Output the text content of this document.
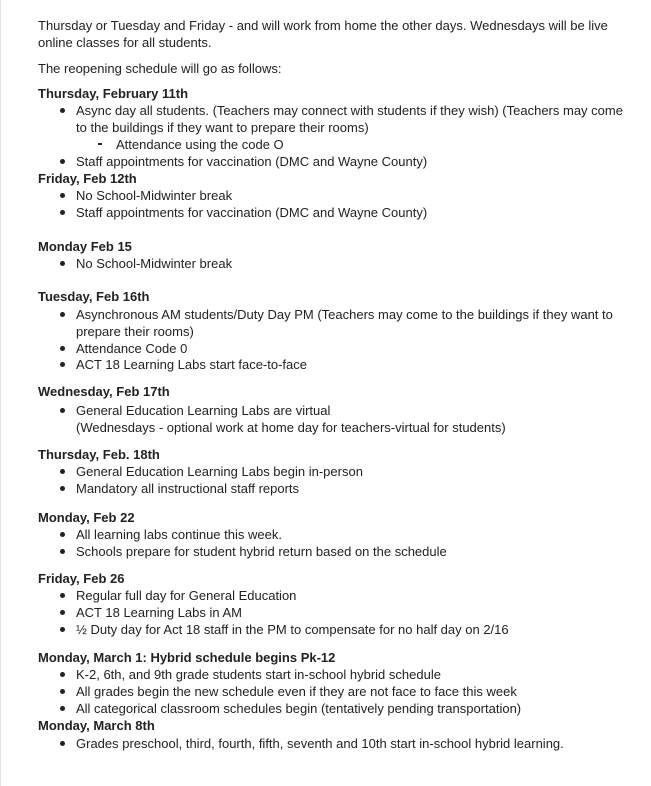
Thursday or Tuesday and Friday - and will work from home the other days. Wednesdays will be live online classes for all students.
The reopening schedule will go as follows:
Thursday, February 11th
Async day all students. (Teachers may connect with students if they wish) (Teachers may come to the buildings if they want to prepare their rooms)
Attendance using the code O
Staff appointments for vaccination (DMC and Wayne County)
Friday, Feb 12th
No School-Midwinter break
Staff appointments for vaccination (DMC and Wayne County)
Monday Feb 15
No School-Midwinter break
Tuesday, Feb 16th
Asynchronous AM students/Duty Day PM (Teachers may come to the buildings if they want to prepare their rooms)
Attendance Code 0
ACT 18 Learning Labs start face-to-face
Wednesday, Feb 17th
General Education Learning Labs are virtual
(Wednesdays - optional work at home day for teachers-virtual for students)
Thursday, Feb. 18th
General Education Learning Labs begin in-person
Mandatory all instructional staff reports
Monday, Feb 22
All learning labs continue this week.
Schools prepare for student hybrid return based on the schedule
Friday, Feb 26
Regular full day for General Education
ACT 18 Learning Labs in AM
½ Duty day for Act 18 staff in the PM to compensate for no half day on 2/16
Monday, March 1: Hybrid schedule begins Pk-12
K-2, 6th, and 9th grade students start in-school hybrid schedule
All grades begin the new schedule even if they are not face to face this week
All categorical classroom schedules begin (tentatively pending transportation)
Monday, March 8th
Grades preschool, third, fourth, fifth, seventh and 10th start in-school hybrid learning.
